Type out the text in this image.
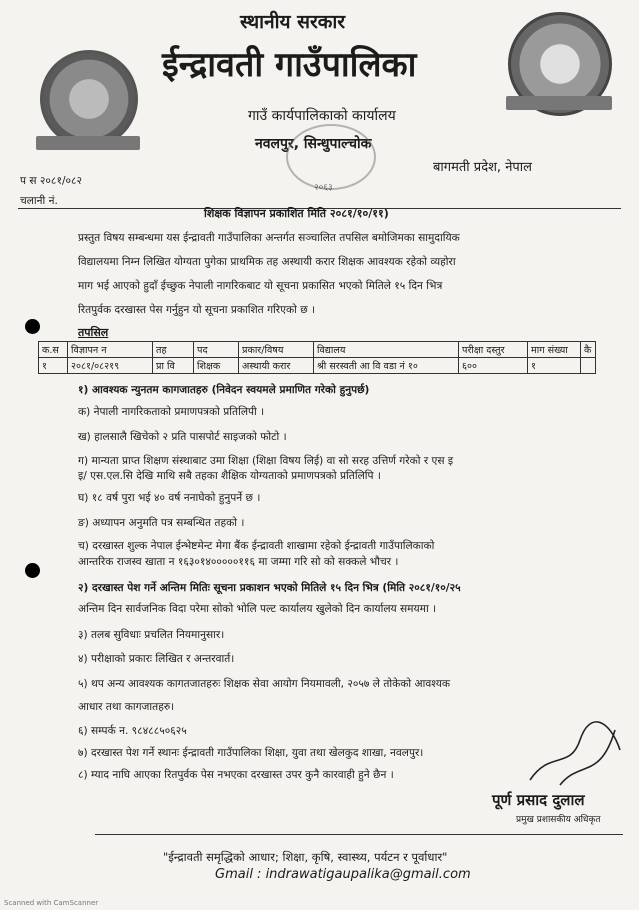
स्थानीय सरकार
ईन्द्रावती गाउँपालिका
गाउँ कार्यपालिकाको कार्यालय
नवलपुर, सिन्धुपाल्चोक
बागमती प्रदेश, नेपाल
प स २०८१/०८२
चलानी नं.
२०६३
शिक्षक विज्ञापन प्रकाशित मिति २०८१/१०/११)
प्रस्तुत विषय सम्बन्धमा यस ईन्द्रावती गाउँपालिका अन्तर्गत सञ्चालित तपसिल बमोजिमका सामुदायिक
विद्यालयमा निम्न लिखित योग्यता पुगेका प्राथमिक तह अस्थायी करार शिक्षक आवश्यक रहेको व्यहोरा
माग भई आएको हुदाँ ईच्छुक नेपाली नागरिकबाट यो सूचना प्रकासित भएको मितिले १५ दिन भित्र
रितपुर्वक दरखास्त पेस गर्नुहुन यो सूचना प्रकाशित गरिएको छ ।
तपसिल
क.स	विज्ञापन न	तह	पद	प्रकार/विषय	विद्यालय	परीक्षा दस्तुर	माग संख्या	कै
१	२०८१/०८२१९	प्रा वि	शिक्षक	अस्थायी करार	श्री सरस्वती आ वि वडा नं १०	६००	१	
१) आवश्यक न्युनतम कागजातहरु (निवेदन स्वयमले प्रमाणित गरेको हुनुपर्छ)
क) नेपाली नागरिकताको प्रमाणपत्रको प्रतिलिपी ।
ख) हालसालै खिचेको २ प्रति पासपोर्ट साइजको फोटो ।
ग) मान्यता प्राप्त शिक्षण संस्थाबाट उमा शिक्षा (शिक्षा विषय लिई) वा सो सरह उत्तिर्ण गरेको र एस इ
इ/ एस.एल.सि देखि माथि सबै तहका शैक्षिक योग्यताको प्रमाणपत्रको प्रतिलिपि ।
घ) १८ वर्ष पुरा भई ४० वर्ष ननाघेको हुनुपर्ने छ ।
ङ) अध्यापन अनुमति पत्र सम्बन्धित तहको ।
च) दरखास्त शुल्क नेपाल ईन्भेष्टमेन्ट मेगा बैंक ईन्द्रावती शाखामा रहेको ईन्द्रावती गाउँपालिकाको
आन्तरिक राजस्व खाता न १६३०१४०००००११६ मा जम्मा गरि सो को सक्कले भौचर ।
२) दरखास्त पेश गर्ने अन्तिम मितिः सूचना प्रकाशन भएको मितिले १५ दिन भित्र (मिति २०८१/१०/२५
अन्तिम दिन सार्वजनिक विदा परेमा सोको भोलि पल्ट कार्यालय खुलेको दिन कार्यालय समयमा ।
३) तलब सुविधाः प्रचलित नियमानुसार।
४) परीक्षाको प्रकारः लिखित र अन्तरवार्त।
५) थप अन्य आवश्यक कागतजातहरुः शिक्षक सेवा आयोग नियमावली, २०५७ ले तोकेको आवश्यक
आधार तथा कागजातहरु।
६) सम्पर्क न. ९८४८८५०६२५
७) दरखास्त पेश गर्ने स्थानः ईन्द्रावती गाउँपालिका शिक्षा, युवा तथा खेलकुद शाखा, नवलपुर।
८) म्याद नाघि आएका रितपुर्वक पेस नभएका दरखास्त उपर कुनै कारवाही हुने छैन ।
पूर्ण प्रसाद दुलाल
प्रमुख प्रशासकीय अधिकृत
"ईन्द्रावती समृद्धिको आधार; शिक्षा, कृषि, स्वास्थ्य, पर्यटन र पूर्वाधार"
Gmail : indrawatigaupalika@gmail.com
Scanned with CamScanner
